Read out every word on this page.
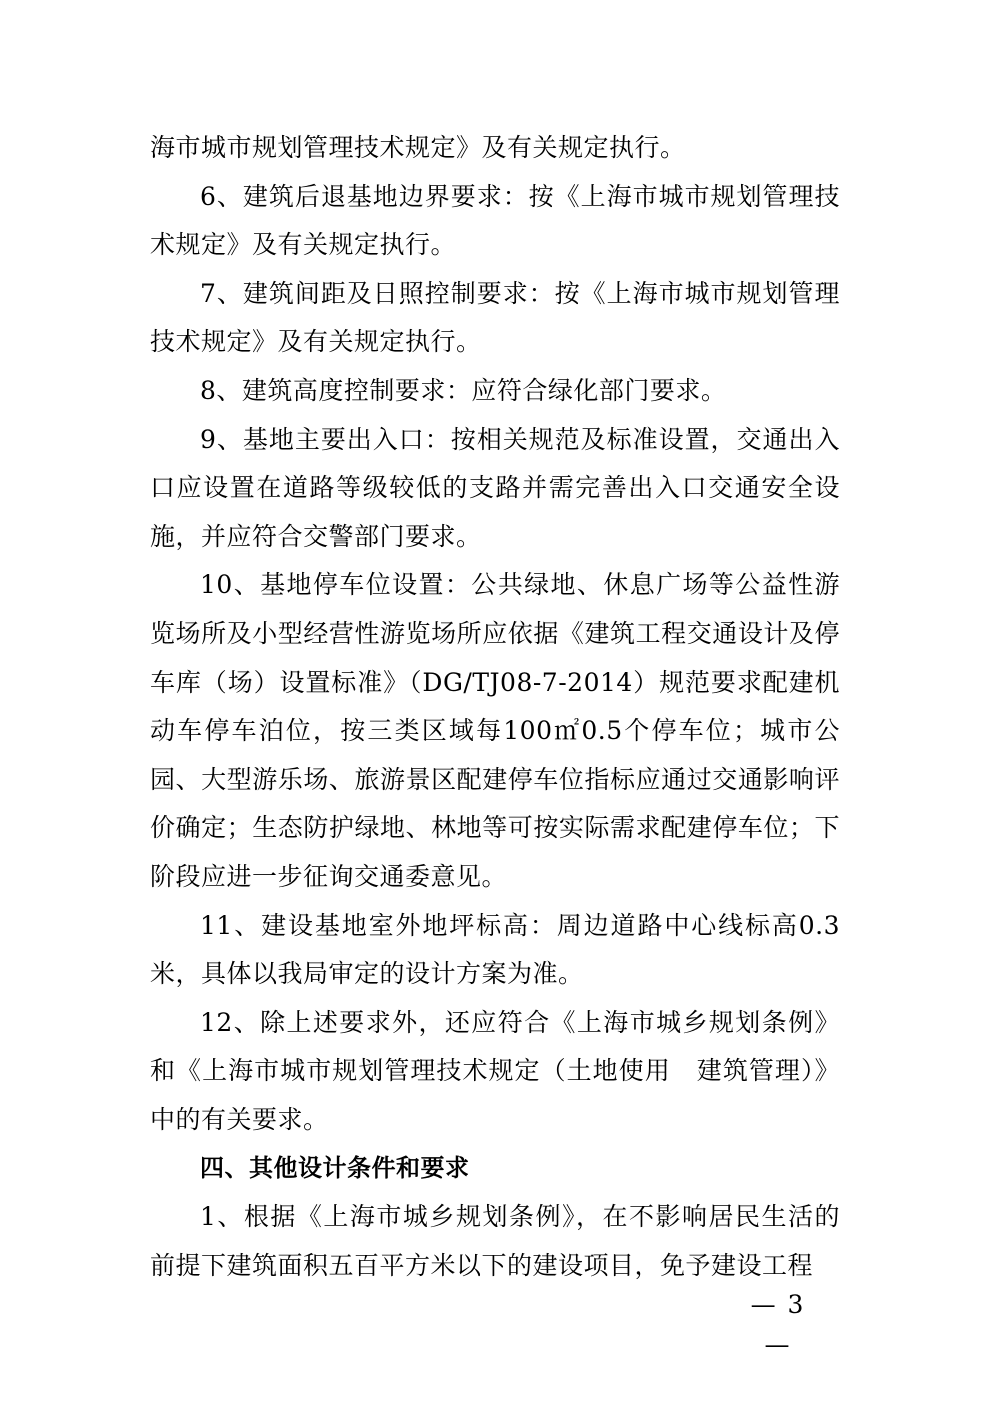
海市城市规划管理技术规定》及有关规定执行。

6、建筑后退基地边界要求：按《上海市城市规划管理技术规定》及有关规定执行。

7、建筑间距及日照控制要求：按《上海市城市规划管理技术规定》及有关规定执行。

8、建筑高度控制要求：应符合绿化部门要求。

9、基地主要出入口：按相关规范及标准设置，交通出入口应设置在道路等级较低的支路并需完善出入口交通安全设施，并应符合交警部门要求。

10、基地停车位设置：公共绿地、休息广场等公益性游览场所及小型经营性游览场所应依据《建筑工程交通设计及停车库（场）设置标准》（DG/TJ08-7-2014）规范要求配建机动车停车泊位，按三类区域每100㎡0.5个停车位；城市公园、大型游乐场、旅游景区配建停车位指标应通过交通影响评价确定；生态防护绿地、林地等可按实际需求配建停车位；下阶段应进一步征询交通委意见。

11、建设基地室外地坪标高：周边道路中心线标高0.3米，具体以我局审定的设计方案为准。

12、除上述要求外，还应符合《上海市城乡规划条例》和《上海市城市规划管理技术规定（土地使用　建筑管理）》中的有关要求。

四、其他设计条件和要求

1、根据《上海市城乡规划条例》，在不影响居民生活的前提下建筑面积五百平方米以下的建设项目，免予建设工程

— 3 —
